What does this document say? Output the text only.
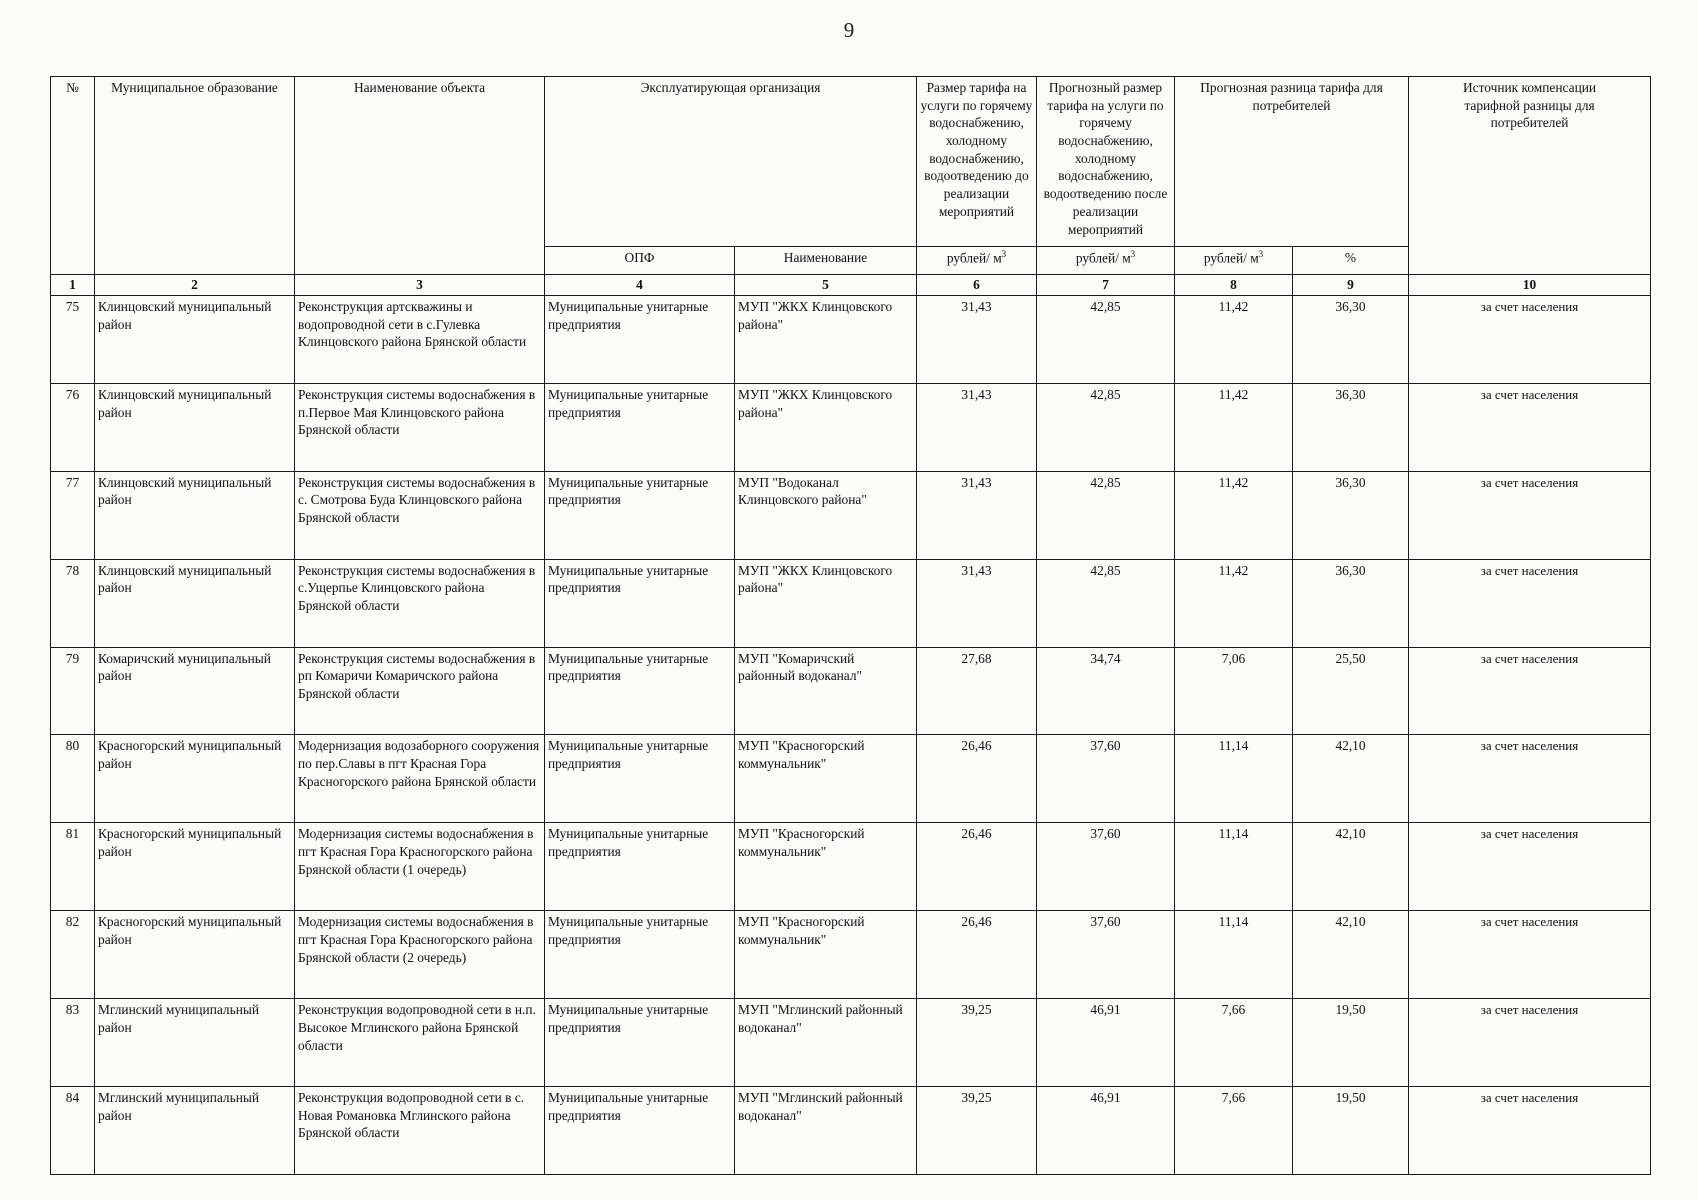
9
№	Муниципальное образование	Наименование объекта	Эксплуатирующая организация		Размер тарифа на услуги по горячему водоснабжению, холодному водоснабжению, водоотведению до реализации мероприятий	Прогнозный размер тарифа на услуги по горячему водоснабжению, холодному водоснабжению, водоотведению после реализации мероприятий	Прогнозная разница тарифа для потребителей		Источник компенсации тарифной разницы для потребителей
			ОПФ	Наименование	рублей/ $м^3$	рублей/ $м^3$	рублей/ $м^3$	%	
1	2	3	4	5	6	7	8	9	10
75	Клинцовский муниципальный район	Реконструкция артскважины и водопроводной сети в с.Гулевка Клинцовского района Брянской области	Муниципальные унитарные предприятия	МУП "ЖКХ Клинцовского района"	31,43	42,85	11,42	36,30	за счет населения
76	Клинцовский муниципальный район	Реконструкция системы водоснабжения в п.Первое Мая Клинцовского района Брянской области	Муниципальные унитарные предприятия	МУП "ЖКХ Клинцовского района"	31,43	42,85	11,42	36,30	за счет населения
77	Клинцовский муниципальный район	Реконструкция системы водоснабжения в с. Смотрова Буда Клинцовского района Брянской области	Муниципальные унитарные предприятия	МУП "Водоканал Клинцовского района"	31,43	42,85	11,42	36,30	за счет населения
78	Клинцовский муниципальный район	Реконструкция системы водоснабжения в с.Ущерпье Клинцовского района Брянской области	Муниципальные унитарные предприятия	МУП "ЖКХ Клинцовского района"	31,43	42,85	11,42	36,30	за счет населения
79	Комаричский муниципальный район	Реконструкция системы водоснабжения в рп Комаричи Комаричского района Брянской области	Муниципальные унитарные предприятия	МУП "Комаричский районный водоканал"	27,68	34,74	7,06	25,50	за счет населения
80	Красногорский муниципальный район	Модернизация водозаборного сооружения по пер.Славы в пгт Красная Гора Красногорского района Брянской области	Муниципальные унитарные предприятия	МУП "Красногорский коммунальник"	26,46	37,60	11,14	42,10	за счет населения
81	Красногорский муниципальный район	Модернизация системы водоснабжения в пгт Красная Гора Красногорского района Брянской области (1 очередь)	Муниципальные унитарные предприятия	МУП "Красногорский коммунальник"	26,46	37,60	11,14	42,10	за счет населения
82	Красногорский муниципальный район	Модернизация системы водоснабжения в пгт Красная Гора Красногорского района Брянской области (2 очередь)	Муниципальные унитарные предприятия	МУП "Красногорский коммунальник"	26,46	37,60	11,14	42,10	за счет населения
83	Мглинский муниципальный район	Реконструкция водопроводной сети в н.п. Высокое Мглинского района Брянской области	Муниципальные унитарные предприятия	МУП "Мглинский районный водоканал"	39,25	46,91	7,66	19,50	за счет населения
84	Мглинский муниципальный район	Реконструкция водопроводной сети в с. Новая Романовка Мглинского района Брянской области	Муниципальные унитарные предприятия	МУП "Мглинский районный водоканал"	39,25	46,91	7,66	19,50	за счет населения
